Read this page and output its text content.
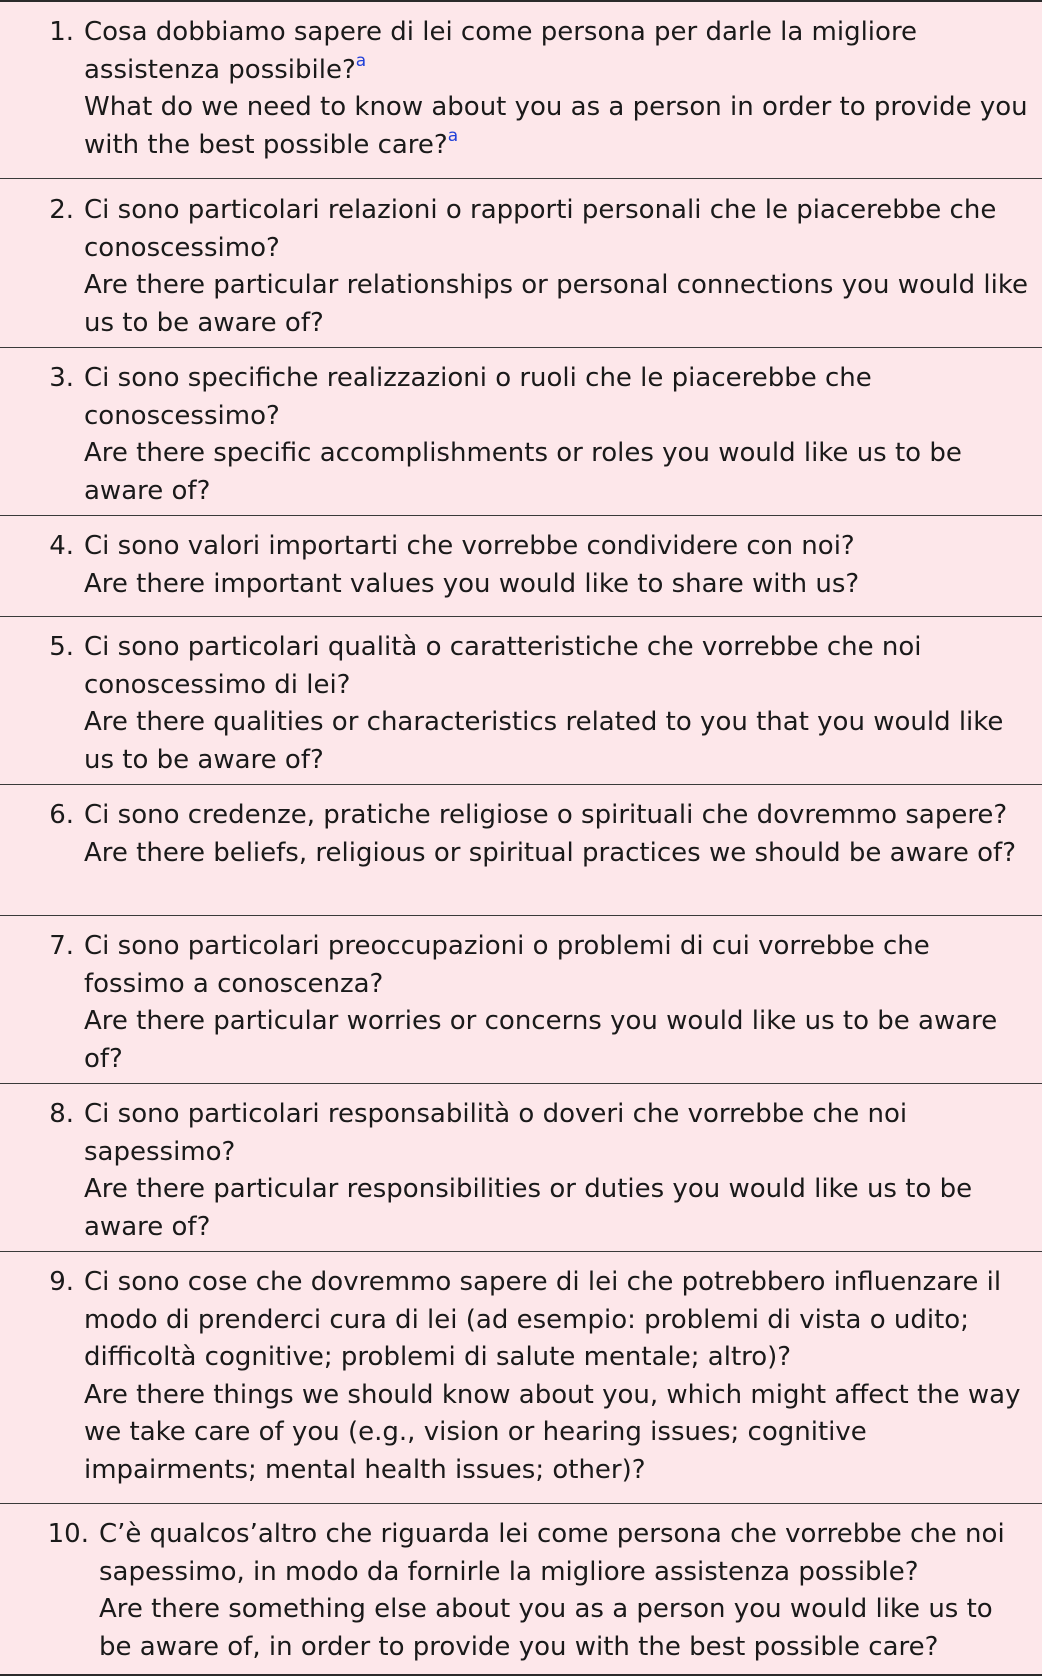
1. Cosa dobbiamo sapere di lei come persona per darle la migliore assistenza possibile?$^a$
What do we need to know about you as a person in order to provide you with the best possible care?$^a$
2. Ci sono particolari relazioni o rapporti personali che le piacerebbe che conoscessimo?
Are there particular relationships or personal connections you would like us to be aware of?
3. Ci sono specifiche realizzazioni o ruoli che le piacerebbe che conoscessimo?
Are there specific accomplishments or roles you would like us to be aware of?
4. Ci sono valori importarti che vorrebbe condividere con noi?
Are there important values you would like to share with us?
5. Ci sono particolari qualità o caratteristiche che vorrebbe che noi conoscessimo di lei?
Are there qualities or characteristics related to you that you would like us to be aware of?
6. Ci sono credenze, pratiche religiose o spirituali che dovremmo sapere?
Are there beliefs, religious or spiritual practices we should be aware of?
7. Ci sono particolari preoccupazioni o problemi di cui vorrebbe che fossimo a conoscenza?
Are there particular worries or concerns you would like us to be aware of?
8. Ci sono particolari responsabilità o doveri che vorrebbe che noi sapessimo?
Are there particular responsibilities or duties you would like us to be aware of?
9. Ci sono cose che dovremmo sapere di lei che potrebbero influenzare il modo di prenderci cura di lei (ad esempio: problemi di vista o udito; difficoltà cognitive; problemi di salute mentale; altro)?
Are there things we should know about you, which might affect the way we take care of you (e.g., vision or hearing issues; cognitive impairments; mental health issues; other)?
10. C’è qualcos’altro che riguarda lei come persona che vorrebbe che noi sapessimo, in modo da fornirle la migliore assistenza possible?
Are there something else about you as a person you would like us to be aware of, in order to provide you with the best possible care?
